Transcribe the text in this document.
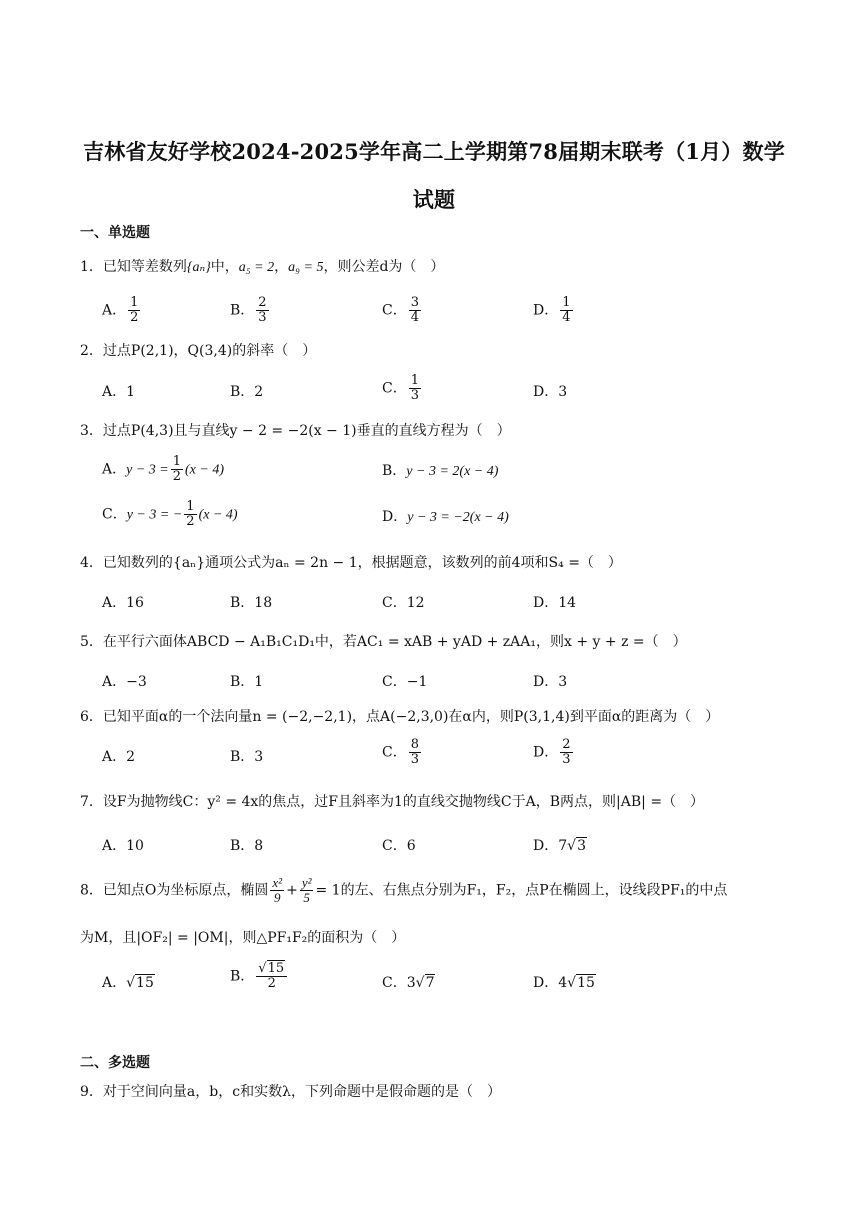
吉林省友好学校2024-2025学年高二上学期第78届期末联考（1月）数学
试题
一、单选题
1．已知等差数列{aₙ}中，a₅ = 2，a₉ = 5，则公差d为（　）
A． $\frac{1}{2}$	B． $\frac{2}{3}$	C． $\frac{3}{4}$	D． $\frac{1}{4}$
2．过点P(2,1)，Q(3,4)的斜率（　）
A．1	B．2	C． $\frac{1}{3}$	D．3
3．过点P(4,3)且与直线y − 2 = −2(x − 1)垂直的直线方程为（　）
A．$y - 3 = \frac{1}{2} (x - 4)$	B．y − 3 = 2(x − 4)
C．y − 3 = − $\frac{1}{2} (x - 4)$	D．y − 3 = −2(x − 4)
4．已知数列的{aₙ}通项公式为aₙ = 2n − 1，根据题意，该数列的前4项和S₄ =（　）
A．16	B．18	C．12	D．14
5．在平行六面体ABCD − A₁B₁C₁D₁中，若AC₁ = xAB + yAD + zAA₁，则x + y + z =（　）
A．−3	B．1	C．−1	D．3
6．已知平面α的一个法向量n = (−2,−2,1)，点A(−2,3,0)在α内，则P(3,1,4)到平面α的距离为（　）
A．2	B．3	C． $\frac{8}{3}$	D． $\frac{2}{3}$
7．设F为抛物线C：y² = 4x的焦点，过F且斜率为1的直线交抛物线C于A，B两点，则|AB| =（　）
A．10	B．8	C．6	D．7√3
8．已知点O为坐标原点，椭圆 $\frac{\text{x²}}{9} + \frac{\text{y²}}{5} = 1$的左、右焦点分别为F₁，F₂，点P在椭圆上，设线段PF₁的中点
为M，且|OF₂| = |OM|，则△PF₁F₂的面积为（　）
A．√15	B． $\frac{√15}{2}$	C．3√7	D．4√15
二、多选题
9．对于空间向量a，b，c和实数λ，下列命题中是假命题的是（　）
